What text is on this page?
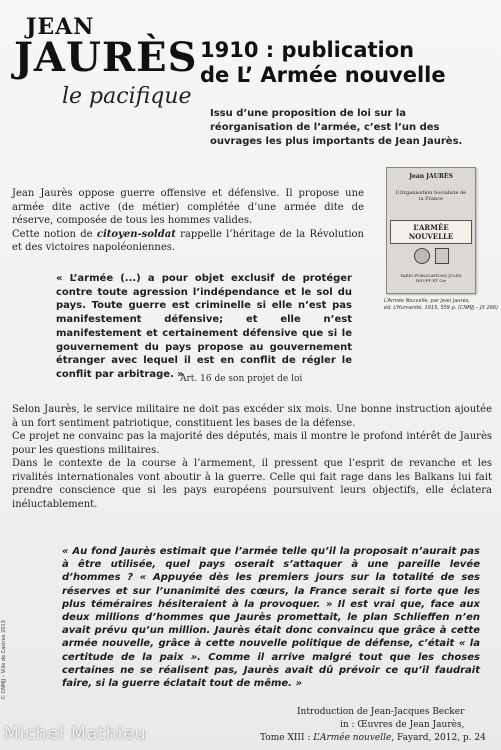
JEAN
JAURÈS
le pacifique
1910 : publication
de L’ Armée nouvelle
Issu d’une proposition de loi sur la réorganisation de l’armée, c’est l’un des ouvrages les plus importants de Jean Jaurès.
Jean Jaurès oppose guerre offensive et défensive. Il propose une armée dite active (de métier) complétée d’une armée dite de réserve, composée de tous les hommes valides.
Cette notion de citoyen-soldat rappelle l’héritage de la Révolution et des victoires napoléoniennes.
« L’armée (...) a pour objet exclusif de protéger contre toute agression l’indépendance et le sol du pays. Toute guerre est criminelle si elle n’est pas manifestement défensive; et elle n’est manifestement et certainement défensive que si le gouvernement du pays propose au gouvernement étranger avec lequel il est en conflit de régler le conflit par arbitrage. »
Art. 16 de son projet de loi
Jean JAURÈS
L’Organisation Socialiste de la France
L’ARMÉE NOUVELLE
PARIS PUBLICATIONS JULES ROUFF ET Cie
L’Armée Nouvelle, par Jean Jaurès,
éd. L’Humanité, 1915, 559 p. (CNMJJ – JX 266)
Selon Jaurès, le service militaire ne doit pas excéder six mois. Une bonne instruction ajoutée à un fort sentiment patriotique, constituent les bases de la défense.
Ce projet ne convainc pas la majorité des députés, mais il montre le profond intérêt de Jaurès pour les questions militaires.
Dans le contexte de la course à l’armement, il pressent que l’esprit de revanche et les rivalités internationales vont aboutir à la guerre. Celle qui fait rage dans les Balkans lui fait prendre conscience que si les pays européens poursuivent leurs objectifs, elle éclatera inéluctablement.
« Au fond Jaurès estimait que l’armée telle qu’il la proposait n’aurait pas à être utilisée, quel pays oserait s’attaquer à une pareille levée d’hommes ? « Appuyée dès les premiers jours sur la totalité de ses réserves et sur l’unanimité des cœurs, la France serait si forte que les plus téméraires hésiteraient à la provoquer. » Il est vrai que, face aux deux millions d’hommes que Jaurès promettait, le plan Schlieffen n’en avait prévu qu’un million. Jaurès était donc convaincu que grâce à cette armée nouvelle, grâce à cette nouvelle politique de défense, c’était « la certitude de la paix ». Comme il arrive malgré tout que les choses certaines ne se réalisent pas, Jaurès avait dû prévoir ce qu’il faudrait faire, si la guerre éclatait tout de même. »
Introduction de Jean-Jacques Becker
in : Œuvres de Jean Jaurès,
Tome XIII : L’Armée nouvelle, Fayard, 2012, p. 24
© CNMJJ – Ville de Castres 2013
Michel Mathieu
